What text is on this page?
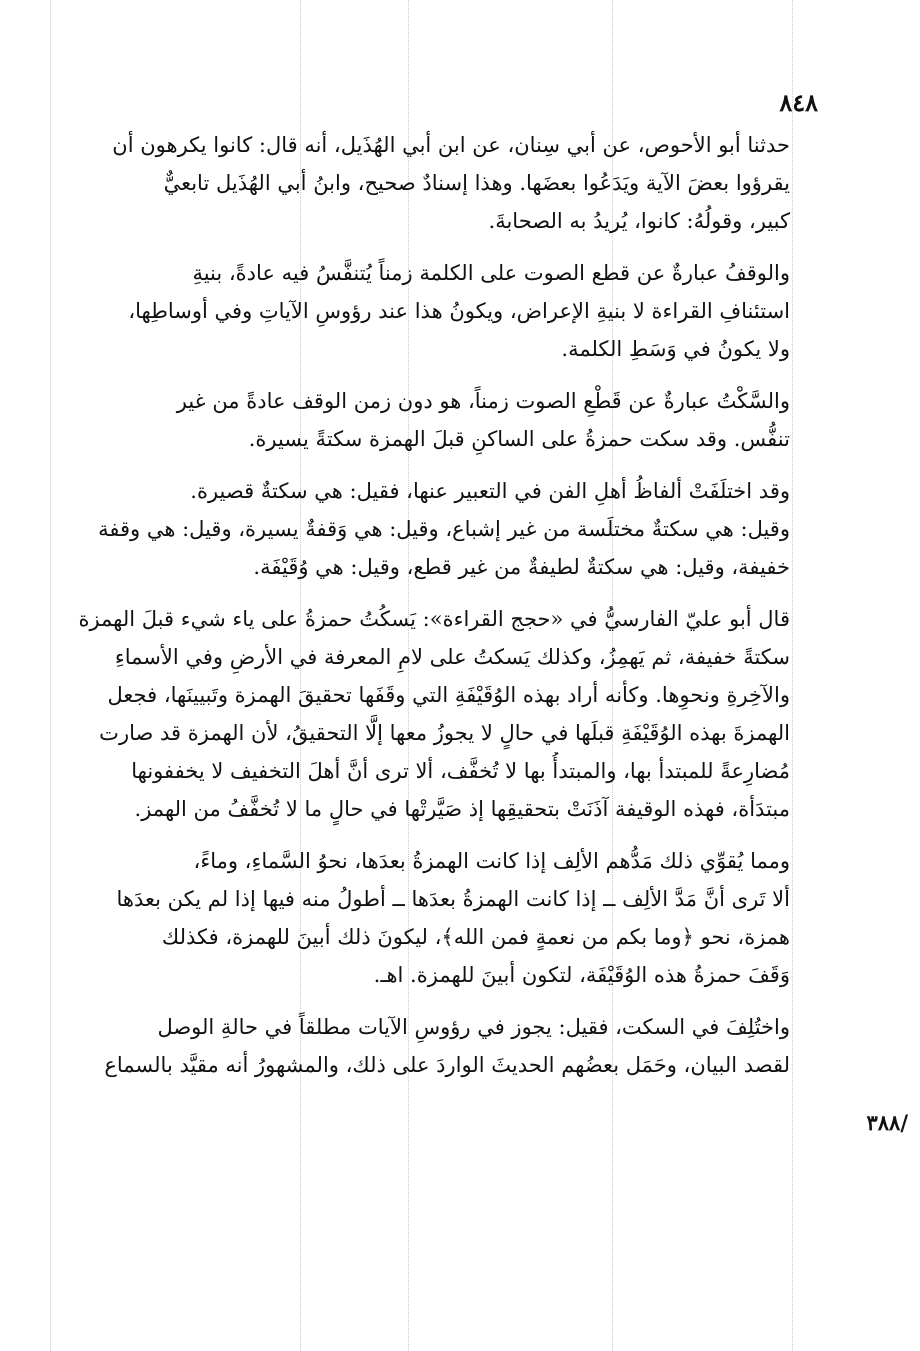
٨٤٨
/٣٨٨

حدثنا أبو الأحوص، عن أبي سِنان، عن ابن أبي الهُذَيل، أنه قال: كانوا يكرهون أن
يقرؤوا بعضَ الآية ويَدَعُوا بعضَها. وهذا إسنادٌ صحيح، وابنُ أبي الهُذَيل تابعيٌّ
كبير، وقولُهُ: كانوا، يُريدُ به الصحابةَ.

والوقفُ عبارةٌ عن قطع الصوت على الكلمة زمناً يُتنفَّسُ فيه عادةً، بنيةِ
استئنافِ القراءة لا بنيةِ الإعراض، ويكونُ هذا عند رؤوسِ الآياتِ وفي أوساطِها،
ولا يكونُ في وَسَطِ الكلمة.

والسَّكْتُ عبارةٌ عن قَطْعِ الصوت زمناً، هو دون زمن الوقف عادةً من غير
تنفُّس. وقد سكت حمزةُ على الساكنِ قبلَ الهمزة سكتةً يسيرة.

وقد اختلَفَتْ ألفاظُ أهلِ الفن في التعبير عنها، فقيل: هي سكتةٌ قصيرة.
وقيل: هي سكتةٌ مختلَسة من غير إشباع، وقيل: هي وَقفةٌ يسيرة، وقيل: هي وقفة
خفيفة، وقيل: هي سكتةٌ لطيفةٌ من غير قطع، وقيل: هي وُقَيْفَة.

قال أبو عليّ الفارسيُّ في «حجج القراءة»: يَسكُتُ حمزةُ على ياء شيء قبلَ الهمزة
سكتةً خفيفة، ثم يَهمِزُ، وكذلك يَسكتُ على لامِ المعرفة في الأرضِ وفي الأسماءِ
والآخِرةِ ونحوِها. وكأنه أراد بهذه الوُقَيْفَةِ التي وقَفَها تحقيقَ الهمزة وتَبيينَها، فجعل
الهمزةَ بهذه الوُقَيْفَةِ قبلَها في حالٍ لا يجوزُ معها إلَّا التحقيقُ، لأن الهمزة قد صارت
مُضارِعةً للمبتدأ بها، والمبتدأُ بها لا تُخفَّف، ألا ترى أنَّ أهلَ التخفيف لا يخففونها
مبتدَأة، فهذه الوقيفة آذَنَتْ بتحقيقِها إذ صَيَّرتْها في حالٍ ما لا تُخفَّفُ من الهمز.

ومما يُقوِّي ذلك مَدُّهم الألِف إذا كانت الهمزةُ بعدَها، نحوُ السَّماءِ، وماءً،
ألا تَرى أنَّ مَدَّ الألِف ــ إذا كانت الهمزةُ بعدَها ــ أطولُ منه فيها إذا لم يكن بعدَها
همزة، نحو ﴿وما بكم من نعمةٍ فمن الله﴾، ليكونَ ذلك أبينَ للهمزة، فكذلك
وَقَفَ حمزةُ هذه الوُقَيْفَة، لتكون أبينَ للهمزة. اهـ.

واختُلِفَ في السكت، فقيل: يجوز في رؤوسِ الآيات مطلقاً في حالةِ الوصل
لقصد البيان، وحَمَل بعضُهم الحديثَ الواردَ على ذلك، والمشهورُ أنه مقيَّد بالسماع
